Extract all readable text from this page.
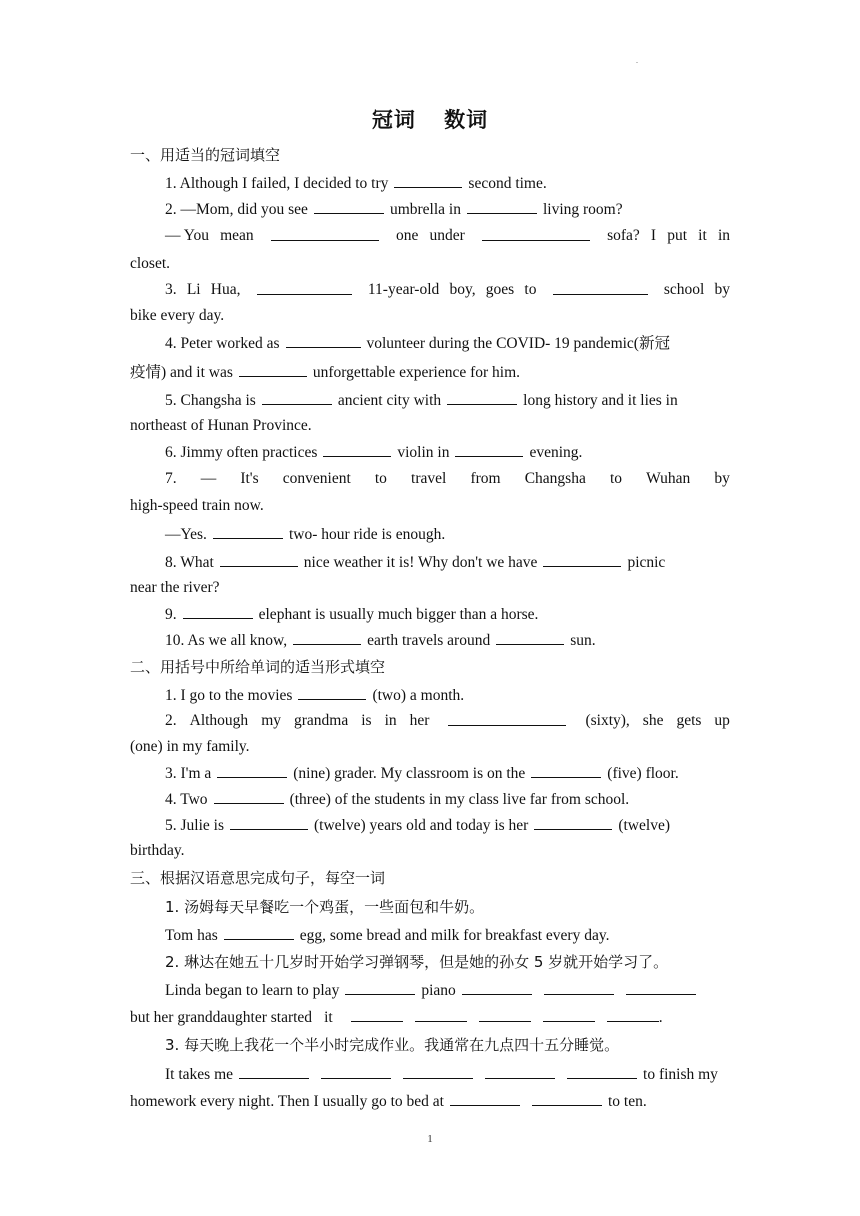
.
冠词 数词
一、用适当的冠词填空
1. Although I failed, I decided to try	second time.
2. —Mom, did you see	umbrella in	living room?
— You mean	one under	sofa? I put it in
closet.
3. Li Hua,	11-year-old boy, goes to	school by
bike every day.
4. Peter worked as	volunteer during the COVID- 19 pandemic(新冠
疫情) and it was	unforgettable experience for him.
5. Changsha is	ancient city with	long history and it lies in
northeast of Hunan Province.
6. Jimmy often practices	violin in	evening.
7. — It's convenient to travel from Changsha to Wuhan by
high-speed train now.
—Yes.	two- hour ride is enough.
8. What	nice weather it is! Why don't we have	picnic
near the river?
9.	elephant is usually much bigger than a horse.
10. As we all know,	earth travels around	sun.
二、用括号中所给单词的适当形式填空
1. I go to the movies	(two) a month.
2. Although my grandma is in her	(sixty), she gets up
(one) in my family.
3. I'm a	(nine) grader. My classroom is on the	(five) floor.
4. Two	(three) of the students in my class live far from school.
5. Julie is	(twelve) years old and today is her	(twelve)
birthday.
三、根据汉语意思完成句子，每空一词
1. 汤姆每天早餐吃一个鸡蛋，一些面包和牛奶。
Tom has	egg, some bread and milk for breakfast every day.
2. 琳达在她五十几岁时开始学习弹钢琴，但是她的孙女 5 岁就开始学习了。
Linda began to learn to play	piano
but her granddaughter started it	.
3. 每天晚上我花一个半小时完成作业。我通常在九点四十五分睡觉。
It takes me	to finish my
homework every night. Then I usually go to bed at	to ten.
1
